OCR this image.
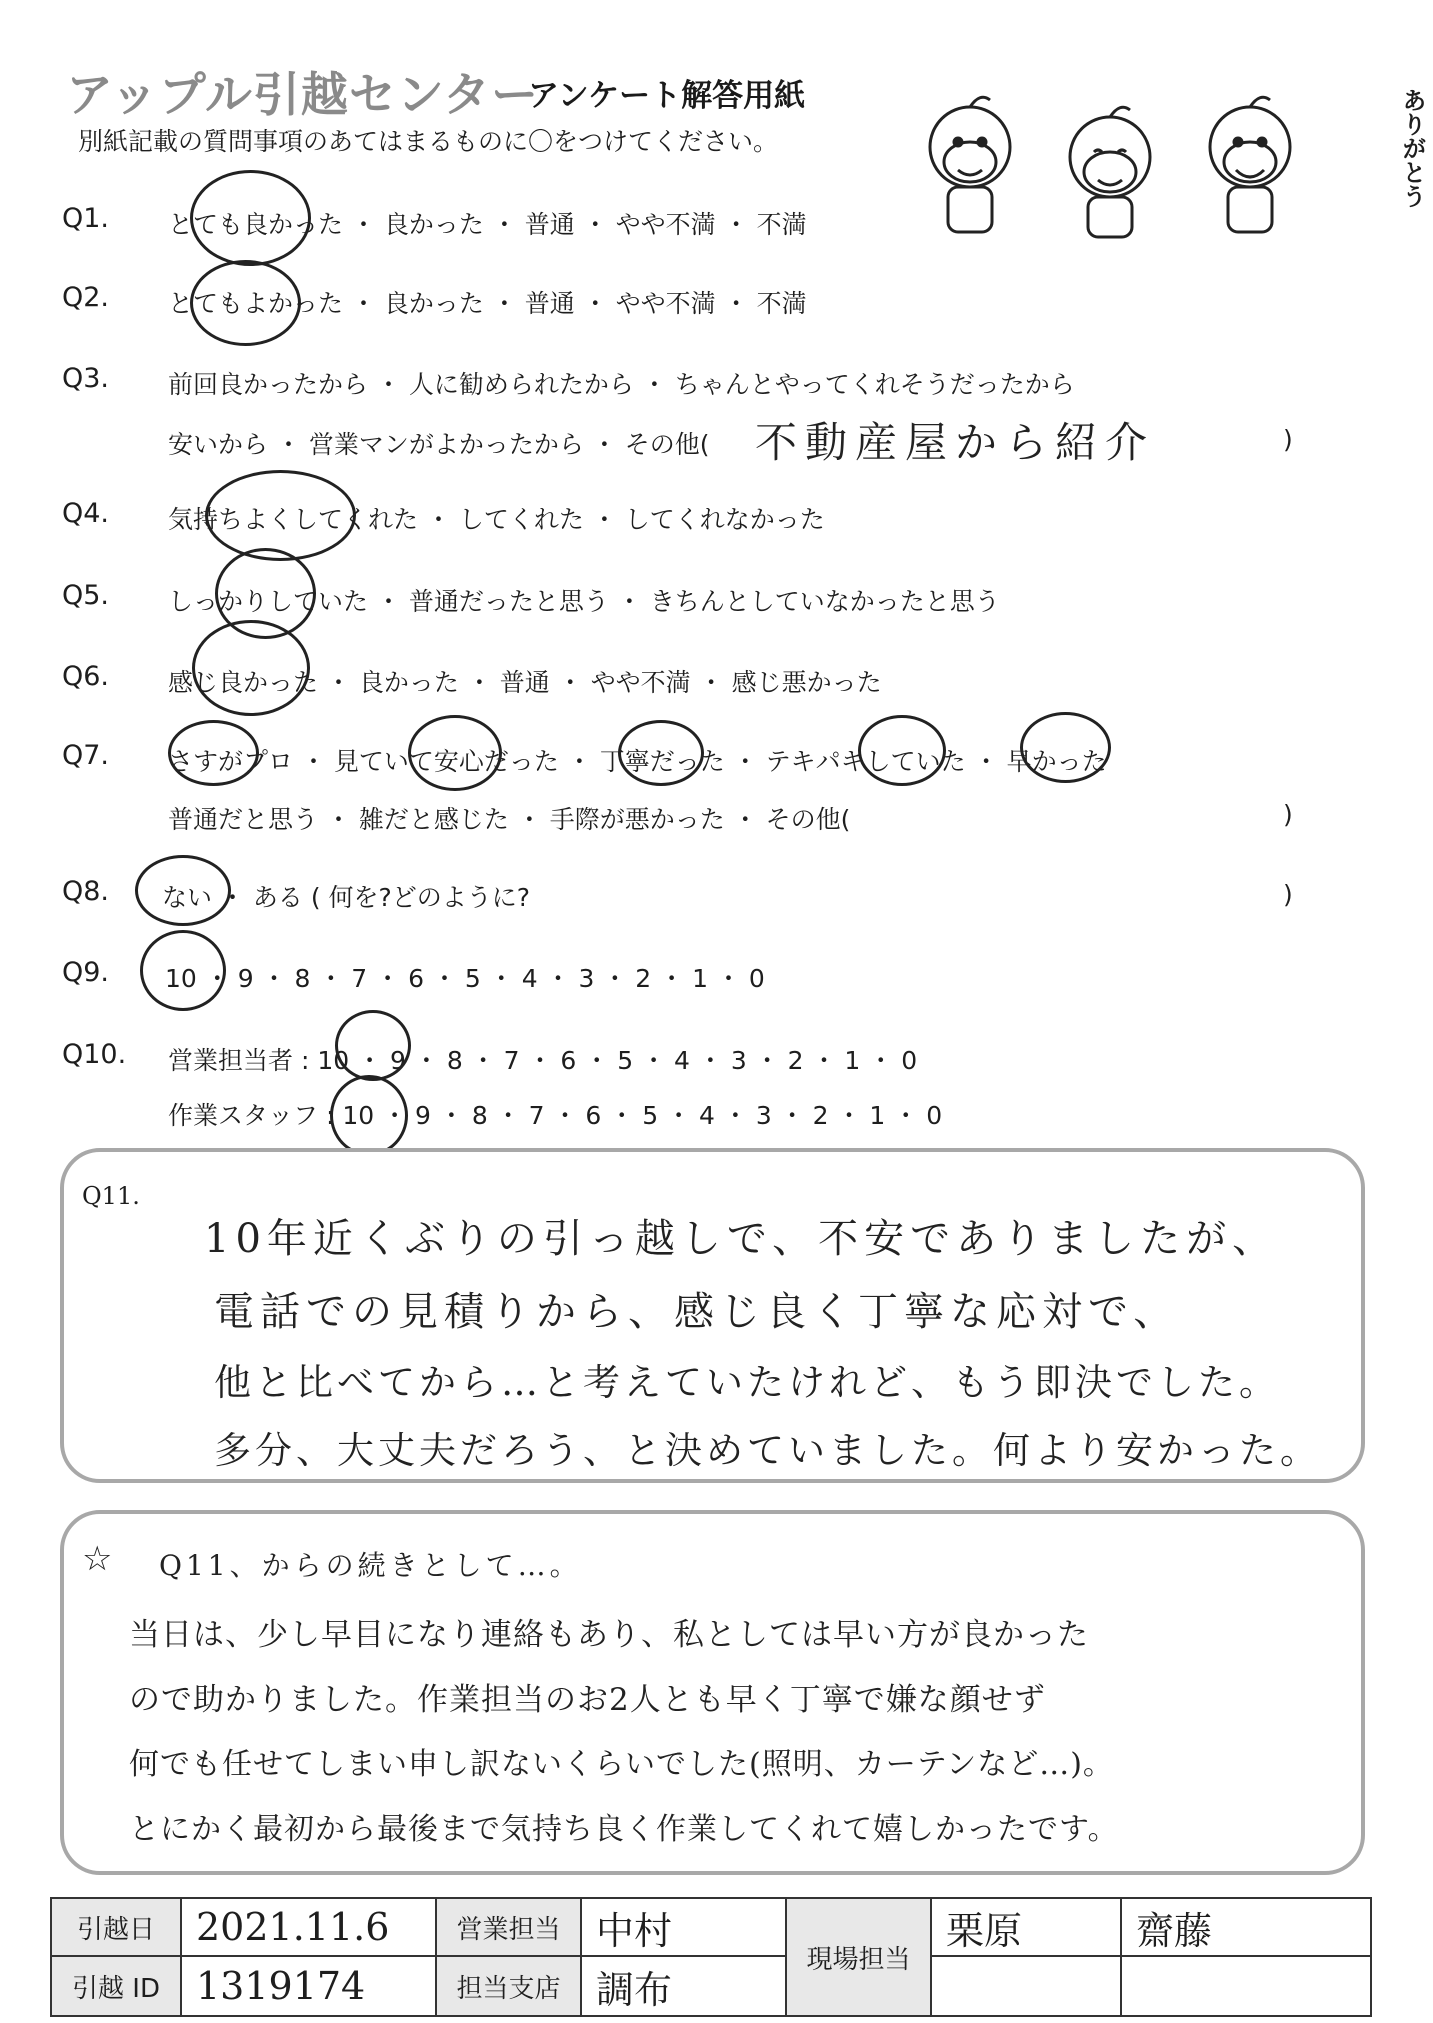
アップル引越センター
アンケート解答用紙
別紙記載の質問事項のあてはまるものに〇をつけてください。	ありがとう
Q1. とても良かった ・ 良かった ・ 普通 ・ やや不満 ・ 不満
Q2. とてもよかった ・ 良かった ・ 普通 ・ やや不満 ・ 不満
Q3. 前回良かったから ・ 人に勧められたから ・ ちゃんとやってくれそうだったから
安いから ・ 営業マンがよかったから ・ その他( 不動産屋から紹介	)
Q4. 気持ちよくしてくれた ・ してくれた ・ してくれなかった
Q5. しっかりしていた ・ 普通だったと思う ・ きちんとしていなかったと思う
Q6. 感じ良かった ・ 良かった ・ 普通 ・ やや不満 ・ 感じ悪かった
Q7. さすがプロ ・ 見ていて安心だった ・ 丁寧だった ・ テキパキしていた ・ 早かった
普通だと思う ・ 雑だと感じた ・ 手際が悪かった ・ その他(	)
Q8. ない ・ ある ( 何を?どのように?	)
Q9. 10 ・ 9 ・ 8 ・ 7 ・ 6 ・ 5 ・ 4 ・ 3 ・ 2 ・ 1 ・ 0
Q10. 営業担当者 : 10 ・ 9 ・ 8 ・ 7 ・ 6 ・ 5 ・ 4 ・ 3 ・ 2 ・ 1 ・ 0
作業スタッフ : 10 ・ 9 ・ 8 ・ 7 ・ 6 ・ 5 ・ 4 ・ 3 ・ 2 ・ 1 ・ 0
Q11.
10年近くぶりの引っ越しで、不安でありましたが、
電話での見積りから、感じ良く丁寧な応対で、
他と比べてから…と考えていたけれど、もう即決でした。
多分、大丈夫だろう、と決めていました。何より安かった。
☆ Q11、からの続きとして…。
当日は、少し早目になり連絡もあり、私としては早い方が良かった
ので助かりました。作業担当のお2人とも早く丁寧で嫌な顔せず
何でも任せてしまい申し訳ないくらいでした(照明、カーテンなど…)。
とにかく最初から最後まで気持ち良く作業してくれて嬉しかったです。
引越日	2021.11.6	営業担当	中村	現場担当	栗原	齋藤
引越 ID	1319174	担当支店	調布			
